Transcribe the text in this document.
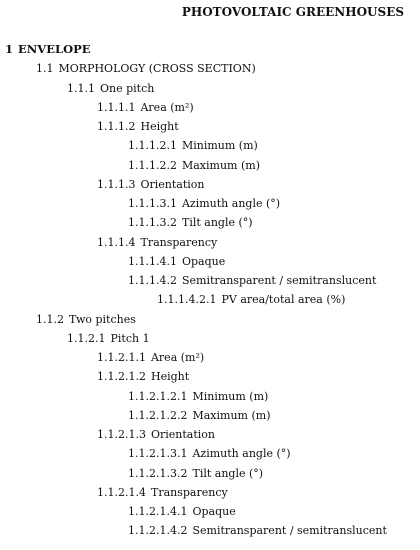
PHOTOVOLTAIC GREENHOUSES
1 ENVELOPE
1.1 MORPHOLOGY (CROSS SECTION)
1.1.1 One pitch
1.1.1.1 Area (m²)
1.1.1.2 Height
1.1.1.2.1 Minimum (m)
1.1.1.2.2 Maximum (m)
1.1.1.3 Orientation
1.1.1.3.1 Azimuth angle (°)
1.1.1.3.2 Tilt angle (°)
1.1.1.4 Transparency
1.1.1.4.1 Opaque
1.1.1.4.2 Semitransparent / semitranslucent
1.1.1.4.2.1 PV area/total area (%)
1.1.2 Two pitches
1.1.2.1 Pitch 1
1.1.2.1.1 Area (m²)
1.1.2.1.2 Height
1.1.2.1.2.1 Minimum (m)
1.1.2.1.2.2 Maximum (m)
1.1.2.1.3 Orientation
1.1.2.1.3.1 Azimuth angle (°)
1.1.2.1.3.2 Tilt angle (°)
1.1.2.1.4 Transparency
1.1.2.1.4.1 Opaque
1.1.2.1.4.2 Semitransparent / semitranslucent
